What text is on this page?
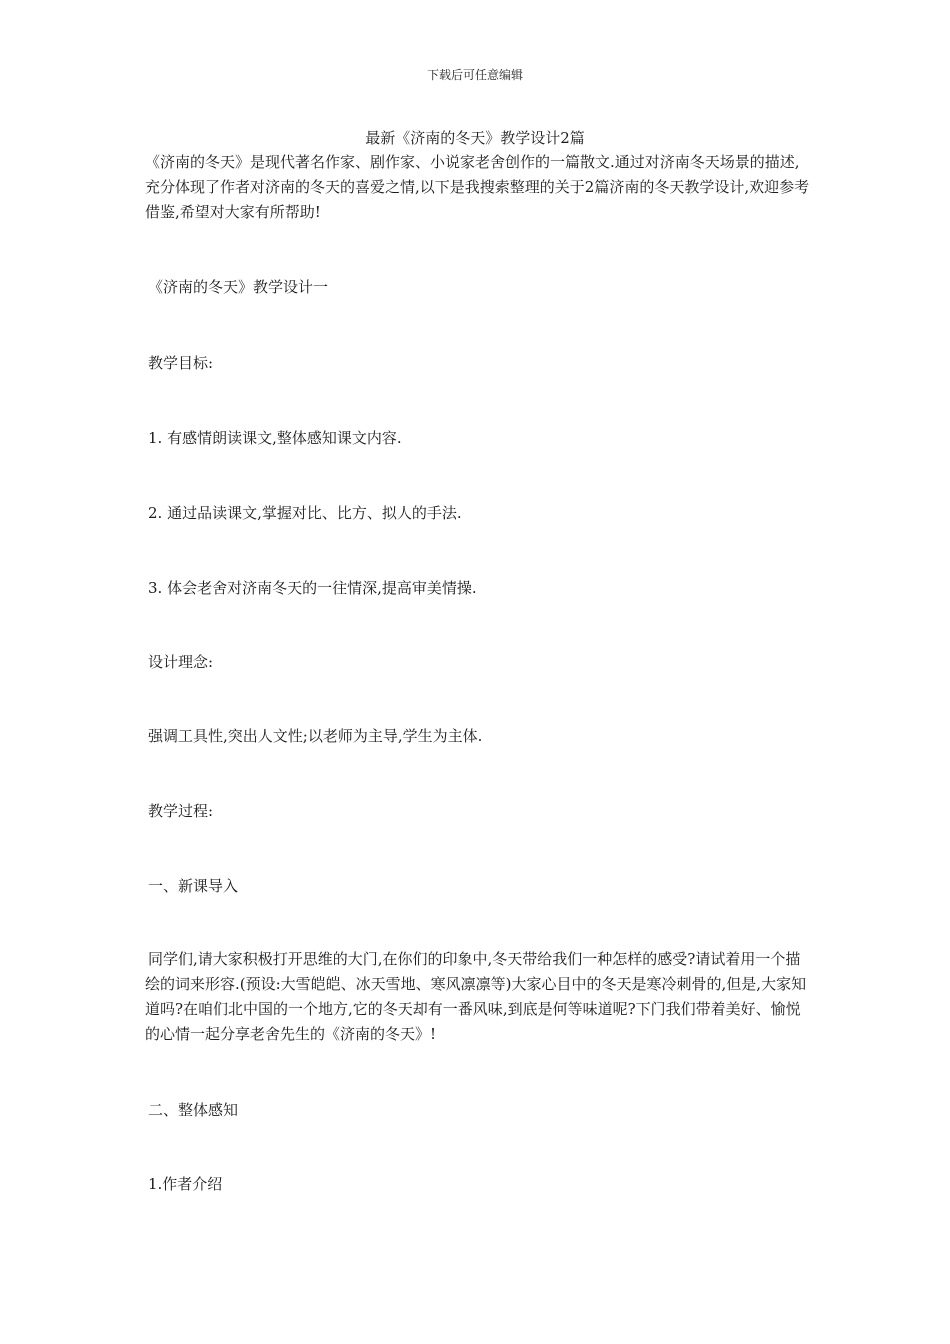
下载后可任意编辑
最新《济南的冬天》教学设计2篇

《济南的冬天》是现代著名作家、剧作家、小说家老舍创作的一篇散文.通过对济南冬天场景的描述,充分体现了作者对济南的冬天的喜爱之情,以下是我搜索整理的关于2篇济南的冬天教学设计,欢迎参考借鉴,希望对大家有所帮助!

《济南的冬天》教学设计一
教学目标:
1. 有感情朗读课文,整体感知课文内容.
2. 通过品读课文,掌握对比、比方、拟人的手法.
3. 体会老舍对济南冬天的一往情深,提高审美情操.
设计理念:
强调工具性,突出人文性;以老师为主导,学生为主体.
教学过程:
一、新课导入

同学们,请大家积极打开思维的大门,在你们的印象中,冬天带给我们一种怎样的感受?请试着用一个描绘的词来形容.(预设:大雪皑皑、冰天雪地、寒风凛凛等)大家心目中的冬天是寒冷刺骨的,但是,大家知道吗?在咱们北中国的一个地方,它的冬天却有一番风味,到底是何等味道呢?下门我们带着美好、愉悦的心情一起分享老舍先生的《济南的冬天》!

二、整体感知
1.作者介绍
